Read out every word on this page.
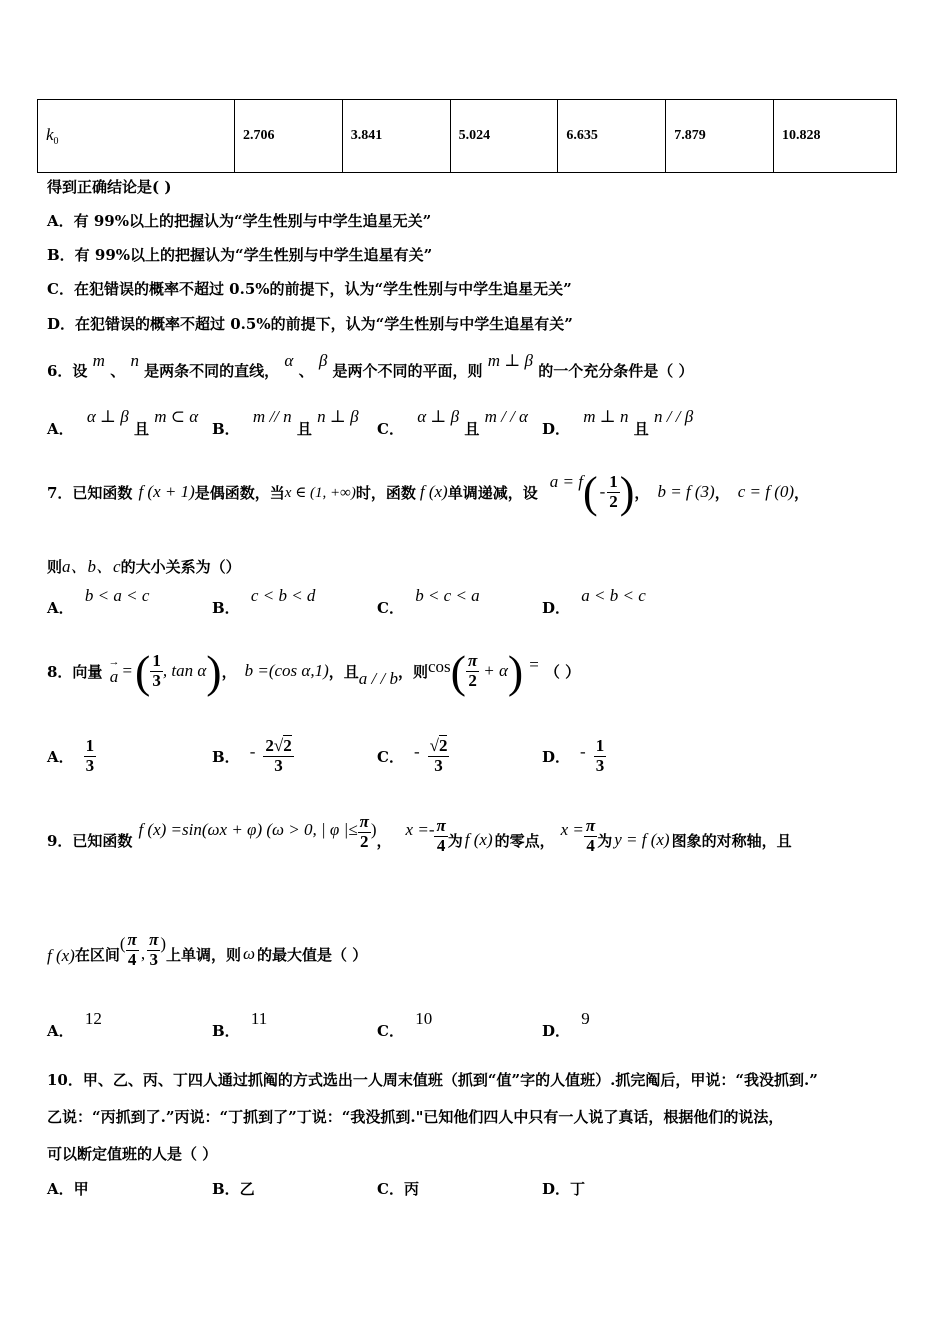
$k_0$	2.706	3.841	5.024	6.635	7.879	10.828
得到正确结论是( )
A．有 99%以上的把握认为“学生性别与中学生追星无关”
B．有 99%以上的把握认为“学生性别与中学生追星有关”
C．在犯错误的概率不超过 0.5%的前提下，认为“学生性别与中学生追星无关”
D．在犯错误的概率不超过 0.5%的前提下，认为“学生性别与中学生追星有关”
6．设 m 、 n 是两条不同的直线， α 、 β 是两个不同的平面，则 m ⊥ β 的一个充分条件是（ ）
A． α ⊥ β 且 m ⊂ α
B． m // n 且 n ⊥ β
C． α ⊥ β 且 m / / α
D． m ⊥ n 且 n / / β
7．已知函数 f (x + 1) 是偶函数，当 x ∈ (1, +∞) 时，函数 f (x) 单调递减，设
a = f ( - $\frac{1}{2}$ ) ， b = f (3) ， c = f (0) ，
则a、b、c的大小关系为（）
A． b < a < c
B． c < b < d
C． b < c < a
D． a < b < c
8．向量
→
a = ( $\frac{1}{3}$ , tan α ) ， b =(cos α,1) ，且 a / / b ，则 cos ( $\frac{\pi}{2} + \alpha$ ) = （ ）
A． $\frac{1}{3}$	B． - $\frac{2√2}{3}$	C． - $\frac{√2}{3}$	D． - $\frac{1}{3}$
9．已知函数
f (x) =sin(ωx + φ) (ω > 0, | φ |≤ $\frac{\pi}{2}$ )
，
$x =- \frac{\pi}{4}$ 为 f (x) 的零点，
$x = \frac{\pi}{4}$ 为 y = f (x) 图象的对称轴，且
f (x) 在区间
( $\frac{\pi}{4}$ , $\frac{\pi}{3}$ )
上单调，则 ω 的最大值是（ ）
A． 12
B． 11
C． 10
D． 9
10．甲、乙、丙、丁四人通过抓阄的方式选出一人周末值班（抓到“值”字的人值班）.抓完阄后，甲说：“我没抓到.”
乙说：“丙抓到了.”丙说：“丁抓到了”丁说：“我没抓到."已知他们四人中只有一人说了真话，根据他们的说法，
可以断定值班的人是（ ）
A．甲	B．乙	C．丙	D．丁
